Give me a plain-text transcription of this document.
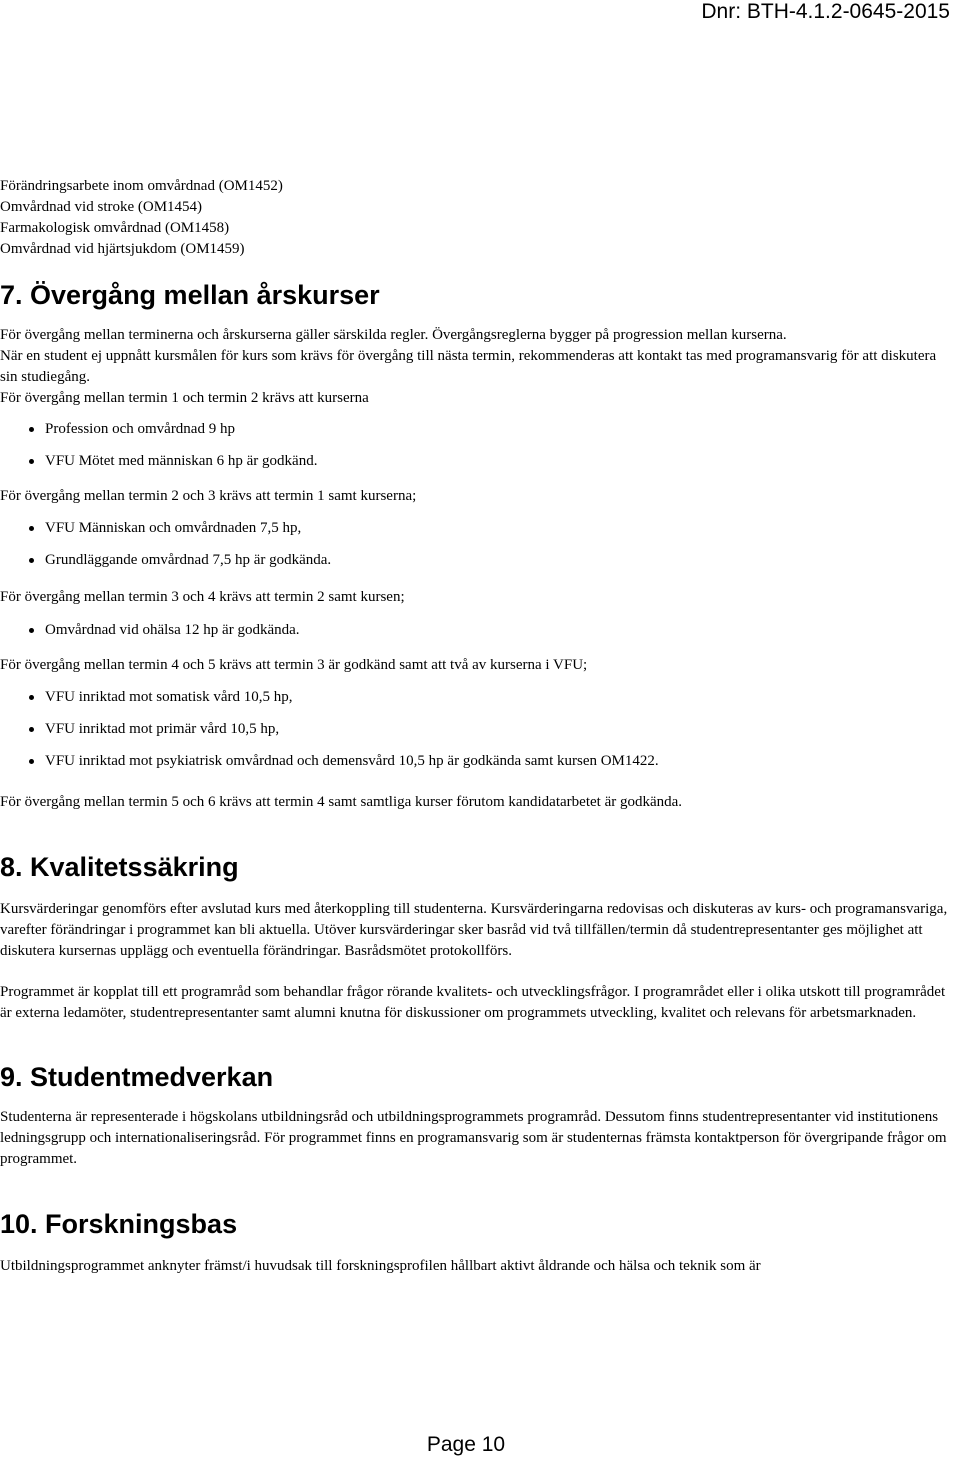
Dnr: BTH-4.1.2-0645-2015
Förändringsarbete inom omvårdnad (OM1452)
Omvårdnad vid stroke (OM1454)
Farmakologisk omvårdnad (OM1458)
Omvårdnad vid hjärtsjukdom (OM1459)
7. Övergång mellan årskurser

För övergång mellan terminerna och årskurserna gäller särskilda regler. Övergångsreglerna bygger på progression mellan kurserna.

När en student ej uppnått kursmålen för kurs som krävs för övergång till nästa termin, rekommenderas att kontakt tas med programansvarig för att diskutera sin studiegång.

För övergång mellan termin 1 och termin 2 krävs att kurserna

Profession och omvårdnad 9 hp
VFU Mötet med människan 6 hp är godkänd.

För övergång mellan termin 2 och 3 krävs att termin 1 samt kurserna;

VFU Människan och omvårdnaden 7,5 hp,
Grundläggande omvårdnad 7,5 hp är godkända.

För övergång mellan termin 3 och 4 krävs att termin 2 samt kursen;

Omvårdnad vid ohälsa 12 hp är godkända.

För övergång mellan termin 4 och 5 krävs att termin 3 är godkänd samt att två av kurserna i VFU;

VFU inriktad mot somatisk vård 10,5 hp,
VFU inriktad mot primär vård 10,5 hp,
VFU inriktad mot psykiatrisk omvårdnad och demensvård 10,5 hp är godkända samt kursen OM1422.

För övergång mellan termin 5 och 6 krävs att termin 4 samt samtliga kurser förutom kandidatarbetet är godkända.

8. Kvalitetssäkring

Kursvärderingar genomförs efter avslutad kurs med återkoppling till studenterna. Kursvärderingarna redovisas och diskuteras av kurs- och programansvariga, varefter förändringar i programmet kan bli aktuella. Utöver kursvärderingar sker basråd vid två tillfällen/termin då studentrepresentanter ges möjlighet att diskutera kursernas upplägg och eventuella förändringar. Basrådsmötet protokollförs.

Programmet är kopplat till ett programråd som behandlar frågor rörande kvalitets- och utvecklingsfrågor. I programrådet eller i olika utskott till programrådet är externa ledamöter, studentrepresentanter samt alumni knutna för diskussioner om programmets utveckling, kvalitet och relevans för arbetsmarknaden.

9. Studentmedverkan

Studenterna är representerade i högskolans utbildningsråd och utbildningsprogrammets programråd. Dessutom finns studentrepresentanter vid institutionens ledningsgrupp och internationaliseringsråd. För programmet finns en programansvarig som är studenternas främsta kontaktperson för övergripande frågor om programmet.

10. Forskningsbas

Utbildningsprogrammet anknyter främst/i huvudsak till forskningsprofilen hållbart aktivt åldrande och hälsa och teknik som är

Page 10
